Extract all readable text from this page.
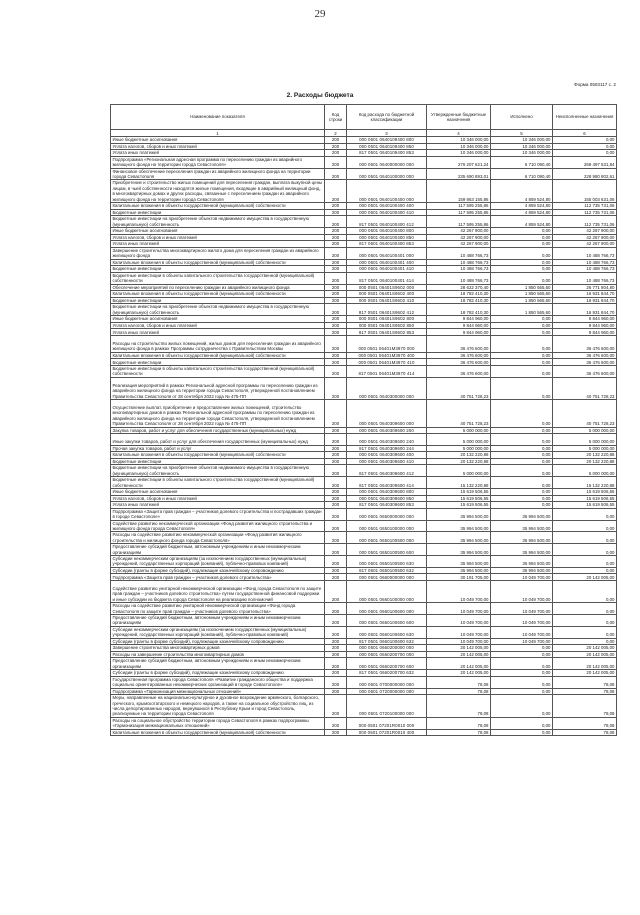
29
Форма 0503117 с. 2
2. Расходы бюджета
Наименование показателя	Код строки	Код расхода по бюджетной классификации	Утвержденные бюджетные назначения	Исполнено	Неисполненные назначения
1	2	3	4	5	6
Иные бюджетные ассигнования	200	000 0501 0640109400 800	10 346 000,00	10 346 000,00	0,00
Уплата налогов, сборов и иных платежей	200	000 0501 0640109400 850	10 346 000,00	10 346 000,00	0,00
Уплата иных платежей	200	817 0501 0640109400 853	10 346 000,00	10 346 000,00	0,00
Подпрограмма «Региональная адресная программа по переселению граждан из аварийного жилищного фонда на территории города Севастополя»	200	000 0501 0640000000 000	276 207 621,24	6 710 090,40	269 497 531,84
Финансовое обеспечение переселения граждан из аварийного жилищного фонда на территории города Севастополя	200	000 0501 0640100000 000	235 690 893,01	6 710 090,40	228 980 802,61
Приобретение и строительство жилых помещений для переселения граждан, выплата выкупной цены лицам, в чьей собственности находятся жилые помещения, входящие в аварийный жилищный фонд, в многоквартирных домах и других расходы, связанные с переселением граждан из аварийного жилищного фонда на территории города Севастополя	200	000 0501 0640100400 000	159 863 155,86	4 859 524,80	155 003 631,06
Капитальные вложения в объекты государственной (муниципальной) собственности	200	000 0501 0640100400 400	117 595 255,86	4 859 524,80	112 735 731,06
Бюджетные инвестиции	200	000 0501 0640100400 410	117 595 255,86	4 859 524,80	112 735 731,06
Бюджетные инвестиции на приобретение объектов недвижимого имущества в государственную (муниципальную) собственность	200	817 0501 0640100400 412	117 595 255,86	4 859 524,80	112 735 731,06
Иные бюджетные ассигнования	200	000 0501 0640100400 800	42 267 900,00	0,00	42 267 900,00
Уплата налогов, сборов и иных платежей	200	000 0501 0640100400 850	42 267 900,00	0,00	42 267 900,00
Уплата иных платежей	200	817 0501 0640100400 853	42 267 900,00	0,00	42 267 900,00
Завершение строительства многоквартирного жилого дома для переселения граждан из аварийного жилищного фонда	200	000 0501 0640100401 000	10 488 766,73	0,00	10 488 766,73
Капитальные вложения в объекты государственной (муниципальной) собственности	200	000 0501 0640100401 400	10 488 766,73	0,00	10 488 766,73
Бюджетные инвестиции	200	000 0501 0640100401 410	10 488 766,73	0,00	10 488 766,73
Бюджетные инвестиции в объекты капитального строительства государственной (муниципальной) собственности	200	817 0501 0640100401 414	10 488 766,73	0,00	10 488 766,73
Обеспечение мероприятий по переселению граждан из аварийного жилищного фонда	200	000 0501 06401S9602 000	28 622 370,40	1 850 565,60	26 771 804,80
Капитальные вложения в объекты государственной (муниципальной) собственности	200	000 0501 06401S9602 400	18 782 410,30	1 850 565,60	16 931 844,70
Бюджетные инвестиции	200	000 0501 06401S9602 410	18 782 410,30	1 850 565,60	16 931 844,70
Бюджетные инвестиции на приобретение объектов недвижимого имущества в государственную (муниципальную) собственность	200	817 0501 06401S9602 412	18 782 410,30	1 850 565,60	16 931 844,70
Иные бюджетные ассигнования	200	000 0501 06401S9602 800	9 844 960,00	0,00	9 844 960,00
Уплата налогов, сборов и иных платежей	200	000 0501 06401S9602 850	9 844 960,00	0,00	9 844 960,00
Уплата иных платежей	200	817 0501 06401S9602 853	9 844 960,00	0,00	9 844 960,00
Расходы на строительство жилых помещений, жилых домов для переселения граждан из аварийного жилищного фонда в рамках Программы сотрудничества с Правительством Москвы	200	000 0501 06401M3970 000	36 476 600,00	0,00	36 476 600,00
Капитальные вложения в объекты государственной (муниципальной) собственности	200	000 0501 06401M3970 400	36 476 600,00	0,00	36 476 600,00
Бюджетные инвестиции	200	000 0501 06401M3970 410	36 476 600,00	0,00	36 476 600,00
Бюджетные инвестиции в объекты капитального строительства государственной (муниципальной) собственности	200	817 0501 06401M3970 414	36 476 600,00	0,00	36 476 600,00
Реализация мероприятий в рамках Региональной адресной программы по переселению граждан из аварийного жилищного фонда на территории города Севастополя, утвержденной постановлением Правительства Севастополя от 28 сентября 2022 года № 475-ПП	200	000 0501 0640300000 000	40 751 728,23	0,00	40 751 728,23
Осуществление выплат, приобретение и предоставление жилых помещений, строительство многоквартирных домов в рамках Региональной адресной программы по переселению граждан из аварийного жилищного фонда на территории города Севастополя, утвержденной постановлением Правительства Севастополя от 28 сентября 2022 года № 475-ПП	200	000 0501 0640309600 000	40 751 728,23	0,00	40 751 728,23
Закупка товаров, работ и услуг для обеспечения государственных (муниципальных) нужд	200	000 0501 0640309600 200	5 000 000,00	0,00	5 000 000,00
Иные закупки товаров, работ и услуг для обеспечения государственных (муниципальных) нужд	200	000 0501 0640309600 240	5 000 000,00	0,00	5 000 000,00
Прочая закупка товаров, работ и услуг	200	817 0501 0640309600 244	5 000 000,00	0,00	5 000 000,00
Капитальные вложения в объекты государственной (муниципальной) собственности	200	000 0501 0640309600 400	20 132 220,88	0,00	20 132 220,88
Бюджетные инвестиции	200	000 0501 0640309600 410	20 132 220,88	0,00	20 132 220,88
Бюджетные инвестиции на приобретение объектов недвижимого имущества в государственную (муниципальную) собственность	200	817 0501 0640309600 412	5 000 000,00	0,00	5 000 000,00
Бюджетные инвестиции в объекты капитального строительства государственной (муниципальной) собственности	200	817 0501 0640309600 414	15 132 220,88	0,00	15 132 220,88
Иные бюджетные ассигнования	200	000 0501 0640309600 800	15 619 506,55	0,00	15 619 506,55
Уплата налогов, сборов и иных платежей	200	000 0501 0640309600 850	15 619 506,55	0,00	15 619 506,55
Уплата иных платежей	200	817 0501 0640309600 853	15 619 506,55	0,00	15 619 506,55
Подпрограмма «Защита прав граждан – участников долевого строительства и пострадавших граждан в городе Севастополе»	200	000 0501 0650000000 000	35 994 500,00	35 994 500,00	0,00
Содействие развитию некоммерческой организации «Фонд развития жилищного строительства и жилищного фонда города Севастополя»	200	000 0501 0650100000 000	35 994 500,00	35 994 500,00	0,00
Расходы на содействие развитию некоммерческой организации «Фонд развития жилищного строительства и жилищного фонда города Севастополя»	200	000 0501 0650100500 000	35 994 500,00	35 994 500,00	0,00
Предоставление субсидий бюджетным, автономным учреждениям и иным некоммерческим организациям	200	000 0501 0650100500 600	35 994 500,00	35 994 500,00	0,00
Субсидии некоммерческим организациям (за исключением государственных (муниципальных) учреждений, государственных корпораций (компаний), публично-правовых компаний)	200	000 0501 0650100500 630	35 994 500,00	35 994 500,00	0,00
Субсидии (гранты в форме субсидий), подлежащие казначейскому сопровождению	200	817 0501 0650100500 632	35 994 500,00	35 994 500,00	0,00
Подпрограмма «Защита прав граждан – участников долевого строительства»	200	000 0501 0660000000 000	30 191 705,00	10 049 700,00	20 142 005,00
Содействие развитию унитарной некоммерческой организации «Фонд города Севастополя по защите прав граждан – участников долевого строительства» путем государственной финансовой поддержки и иные субсидии из бюджета города Севастополя на реализацию полномочий	200	000 0501 0660100000 000	10 049 700,00	10 049 700,00	0,00
Расходы на содействие развитию унитарной некоммерческой организации «Фонд города Севастополя по защите прав граждан – участников долевого строительства»	200	000 0501 0660100600 000	10 049 700,00	10 049 700,00	0,00
Предоставление субсидий бюджетным, автономным учреждениям и иным некоммерческим организациям	200	000 0501 0660100600 600	10 049 700,00	10 049 700,00	0,00
Субсидии некоммерческим организациям (за исключением государственных (муниципальных) учреждений, государственных корпораций (компаний), публично-правовых компаний)	200	000 0501 0660100600 630	10 049 700,00	10 049 700,00	0,00
Субсидии (гранты в форме субсидий), подлежащие казначейскому сопровождению	200	817 0501 0660100600 632	10 049 700,00	10 049 700,00	0,00
Завершение строительства многоквартирных домов	200	000 0501 0660200000 000	20 142 005,00	0,00	20 142 005,00
Расходы на завершение строительства многоквартирных домов	200	000 0501 0660200700 000	20 142 005,00	0,00	20 142 005,00
Предоставление субсидий бюджетным, автономным учреждениям и иным некоммерческим организациям	200	000 0501 0660200700 600	20 142 005,00	0,00	20 142 005,00
Субсидии (гранты в форме субсидий), подлежащие казначейскому сопровождению	200	817 0501 0660200700 632	20 142 005,00	0,00	20 142 005,00
Государственная программа города Севастополя «Развитие гражданского общества и поддержка социально ориентированных некоммерческих организаций в городе Севастополе»	200	000 0501 0700000000 000	78,08	0,00	78,08
Подпрограмма «Гармонизация межнациональных отношений»	200	000 0501 0720000000 000	78,08	0,00	78,08
Меры, направленные на национально-культурное и духовное возрождение армянского, болгарского, греческого, крымскотатарского и немецкого народов, а также на социальное обустройство лиц, из числа депортированных народов, вернувшихся в Республику Крым и город Севастополь, реализуемые на территории города Севастополя	200	000 0501 0720100000 000	78,08	0,00	78,08
Расходы на социальное обустройство территории города Севастополя в рамках подпрограммы «Гармонизация межнациональных отношений»	200	000 0501 07201R0010 000	78,08	0,00	78,08
Капитальные вложения в объекты государственной (муниципальной) собственности	200	000 0501 07201R0010 400	78,08	0,00	78,08
